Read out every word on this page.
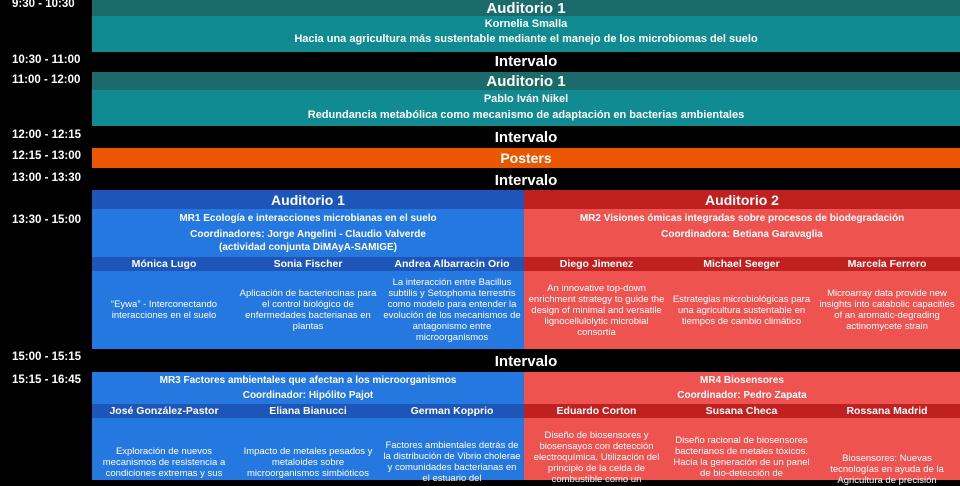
9:30 - 10:30	Auditorio 1
Kornelia Smalla
Hacia una agricultura más sustentable mediante el manejo de los microbiomas del suelo
10:30 - 11:00	Intervalo
11:00 - 12:00	Auditorio 1
Pablo Iván Nikel
Redundancia metabólica como mecanismo de adaptación en bacterias ambientales
12:00 - 12:15	Intervalo
12:15 - 13:00	Posters
13:00 - 13:30	Intervalo
13:30 - 15:00
Auditorio 1
MR1 Ecología e interacciones microbianas en el suelo
Coordinadores: Jorge Angelini - Claudio Valverde
(actividad conjunta DiMAyA-SAMIGE)
Mónica Lugo	Sonia Fischer	Andrea Albarracin Orio
“Eywa” - Interconectando interacciones en el suelo
Aplicación de bacteriocinas para el control biológico de enfermedades bacterianas en plantas
La interacción entre Bacillus subtilis y Setophoma terrestris como modelo para entender la evolución de los mecanismos de antagonismo entre microorganismos
Auditorio 2
MR2 Visiones ómicas integradas sobre procesos de biodegradación
Coordinadora: Betiana Garavaglia
Diego Jimenez	Michael Seeger	Marcela Ferrero
An innovative top-down enrichment strategy to guide the design of minimal and versatile lignocellulolytic microbial consortia
Estrategias microbiológicas para una agricultura sustentable en tiempos de cambio climático
Microarray data provide new insights into catabolic capacities of an aromatic-degrading actinomycete strain
15:00 - 15:15	Intervalo
15:15 - 16:45	MR3 Factores ambientales que afectan a los microorganismos
Coordinador: Hipólito Pajot
José González-Pastor	Eliana Bianucci	German Kopprio
Exploración de nuevos mecanismos de resistencia a condiciones extremas y sus
Impacto de metales pesados y metaloides sobre microorganismos simbióticos
Factores ambientales detrás de la distribución de Vibrio cholerae y comunidades bacterianas en el estuario del
MR4 Biosensores
Coordinador: Pedro Zapata
Eduardo Corton	Susana Checa	Rossana Madrid
Diseño de biosensores y biosensayos con detección electroquímica. Utilización del principio de la celda de combustible como un
Diseño racional de biosensores bacterianos de metales tóxicos. Hacia la generación de un panel de bio-detección de
Biosensores: Nuevas tecnologías en ayuda de la Agricultura de precisión
